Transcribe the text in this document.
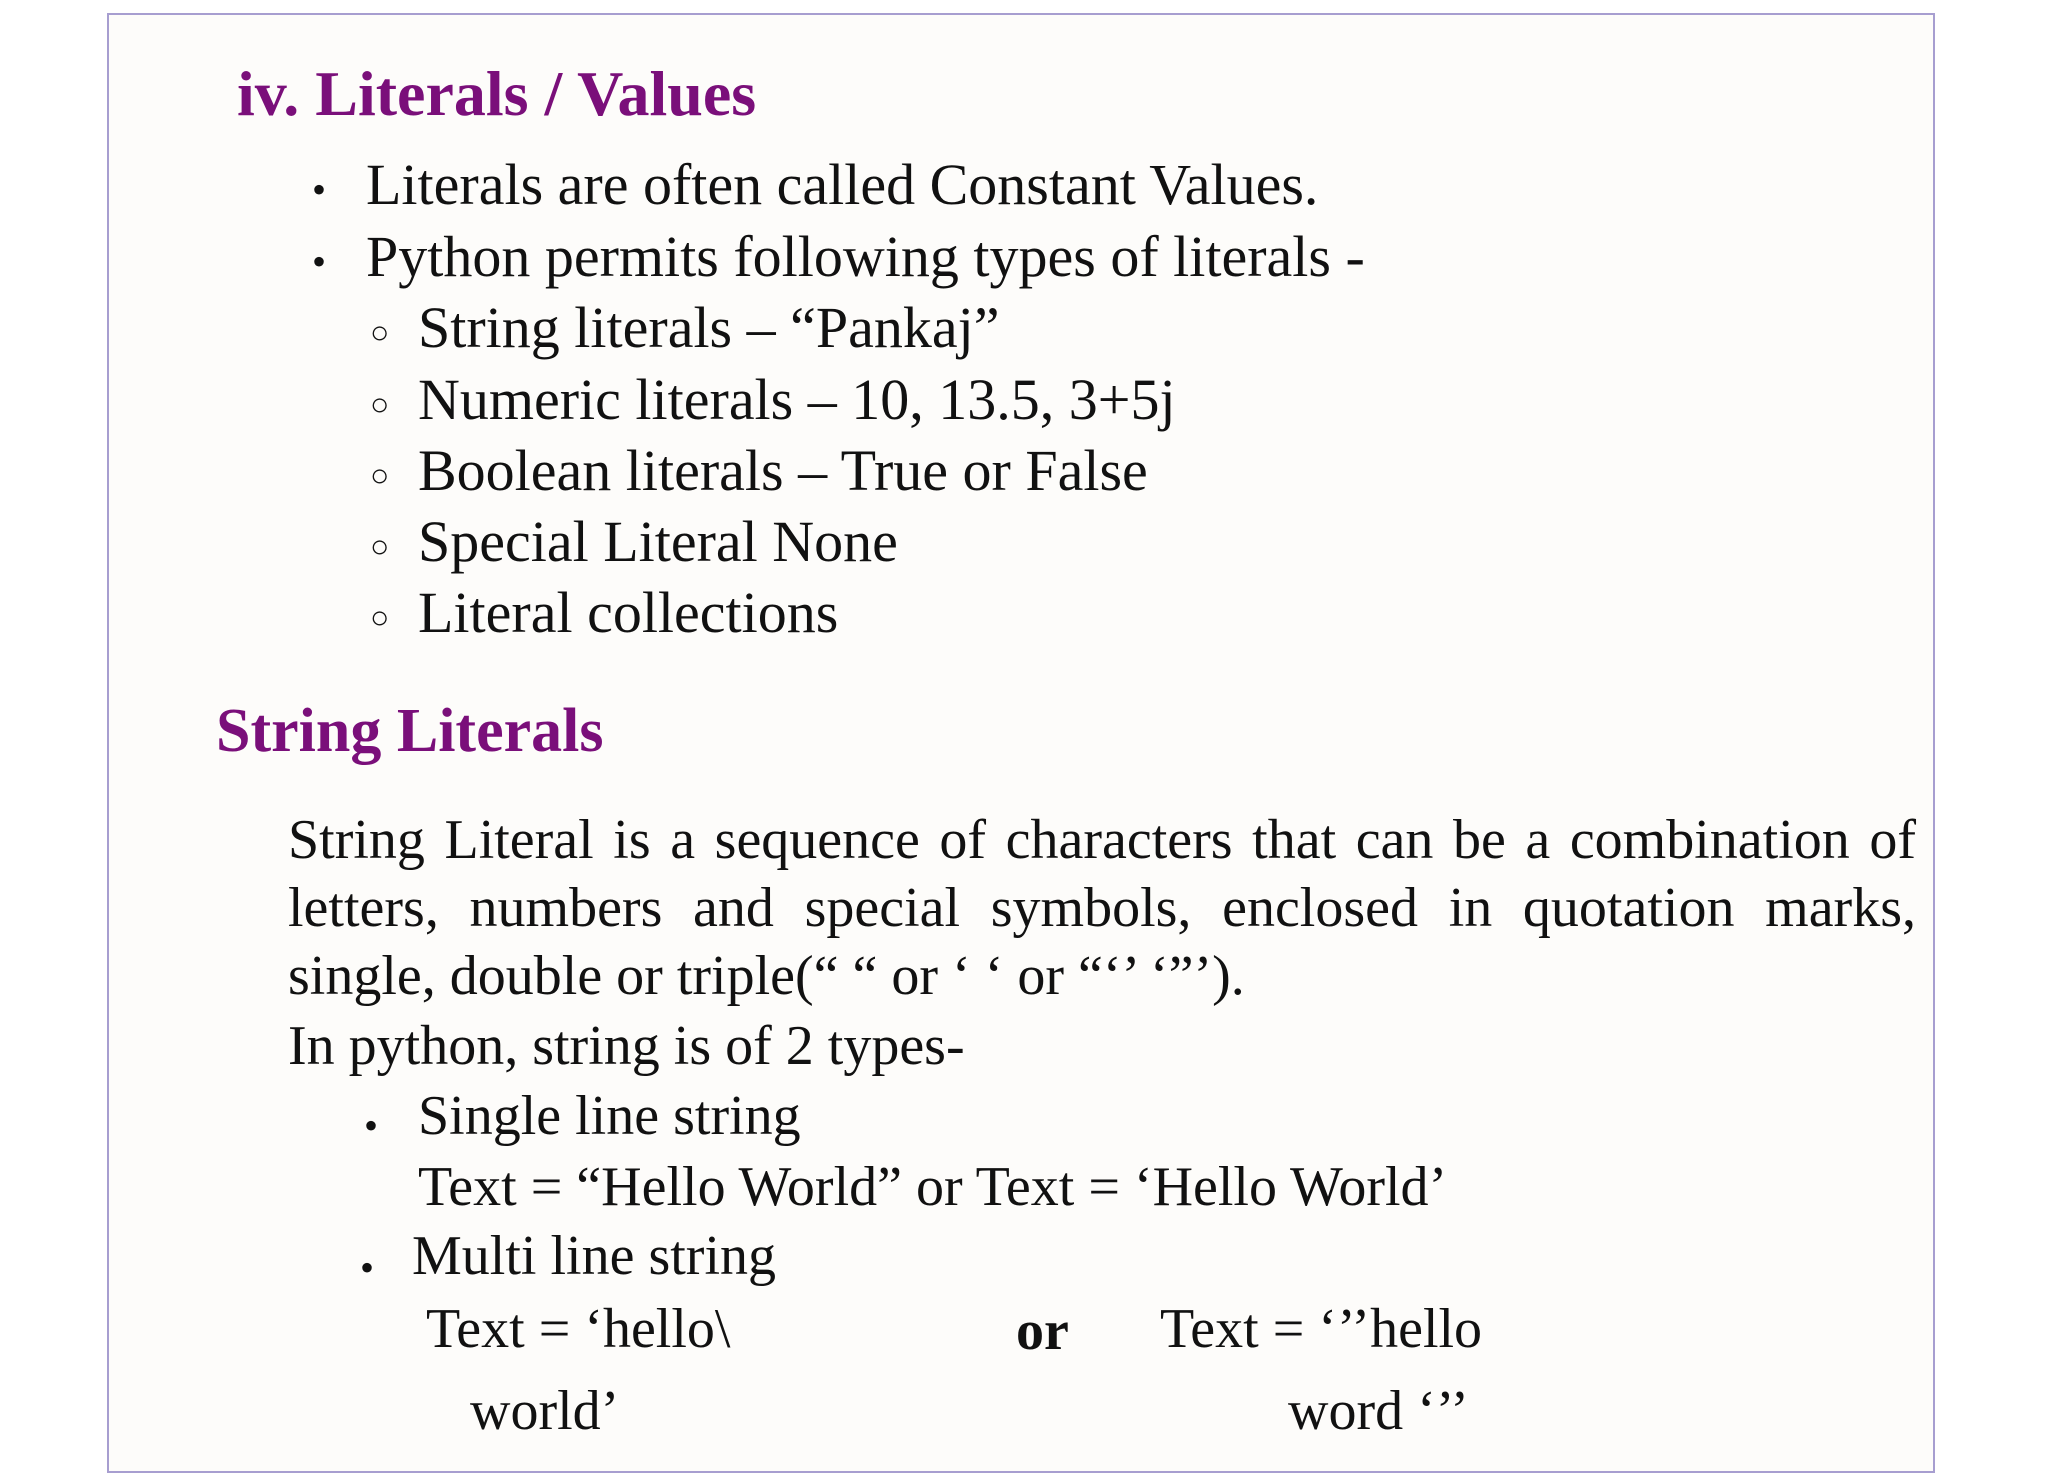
iv. Literals / Values
• Literals are often called Constant Values.
• Python permits following types of literals -
○ String literals – “Pankaj”
○ Numeric literals – 10, 13.5, 3+5j
○ Boolean literals – True or False
○ Special Literal None
○ Literal collections
String Literals
String Literal is a sequence of characters that can be a combination of letters, numbers and special symbols, enclosed in quotation marks, single, double or triple(“ “ or ‘ ‘ or “‘’ ‘”’).
In python, string is of 2 types-
• Single line string
Text = “Hello World” or Text = ‘Hello World’
• Multi line string
Text = ‘hello\
world’
or Text = ‘’’hello
word ‘’’
